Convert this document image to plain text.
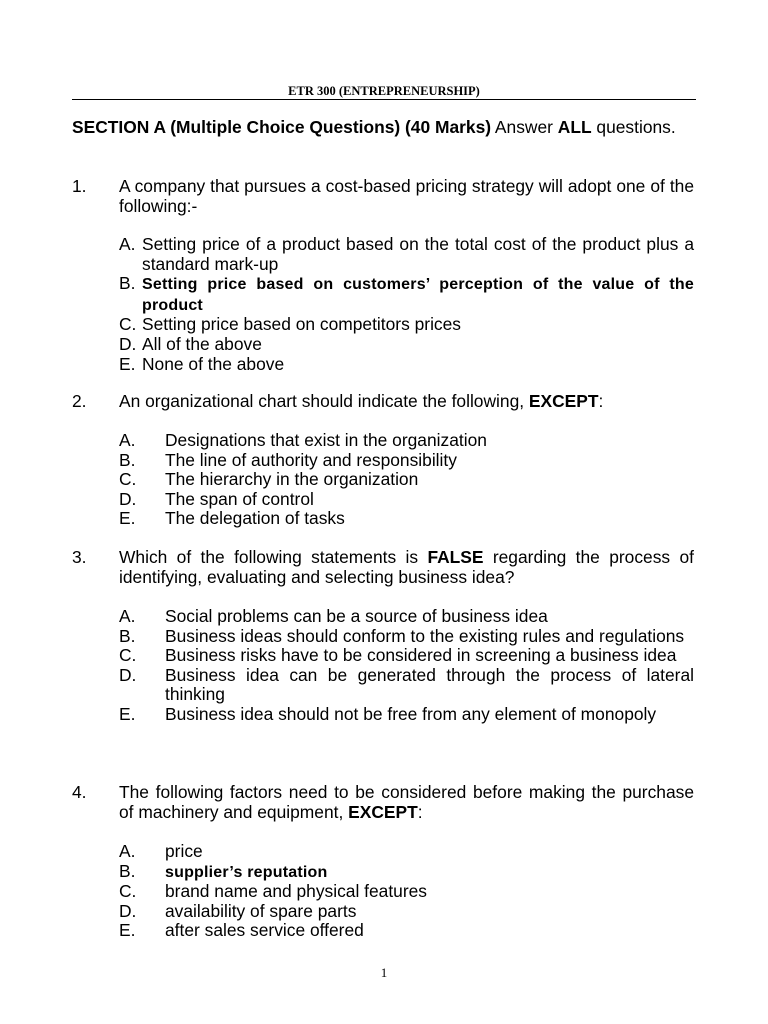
ETR 300 (ENTREPRENEURSHIP)
SECTION A (Multiple Choice Questions) (40 Marks) Answer ALL questions.
1. A company that pursues a cost-based pricing strategy will adopt one of the following:-
A. Setting price of a product based on the total cost of the product plus a standard mark-up
B. Setting price based on customers’ perception of the value of the product
C. Setting price based on competitors prices
D. All of the above
E. None of the above
2. An organizational chart should indicate the following, EXCEPT:
A. Designations that exist in the organization
B. The line of authority and responsibility
C. The hierarchy in the organization
D. The span of control
E. The delegation of tasks
3. Which of the following statements is FALSE regarding the process of identifying, evaluating and selecting business idea?
A. Social problems can be a source of business idea
B. Business ideas should conform to the existing rules and regulations
C. Business risks have to be considered in screening a business idea
D. Business idea can be generated through the process of lateral thinking
E. Business idea should not be free from any element of monopoly
4. The following factors need to be considered before making the purchase of machinery and equipment, EXCEPT:
A. price
B. supplier’s reputation
C. brand name and physical features
D. availability of spare parts
E. after sales service offered
1
